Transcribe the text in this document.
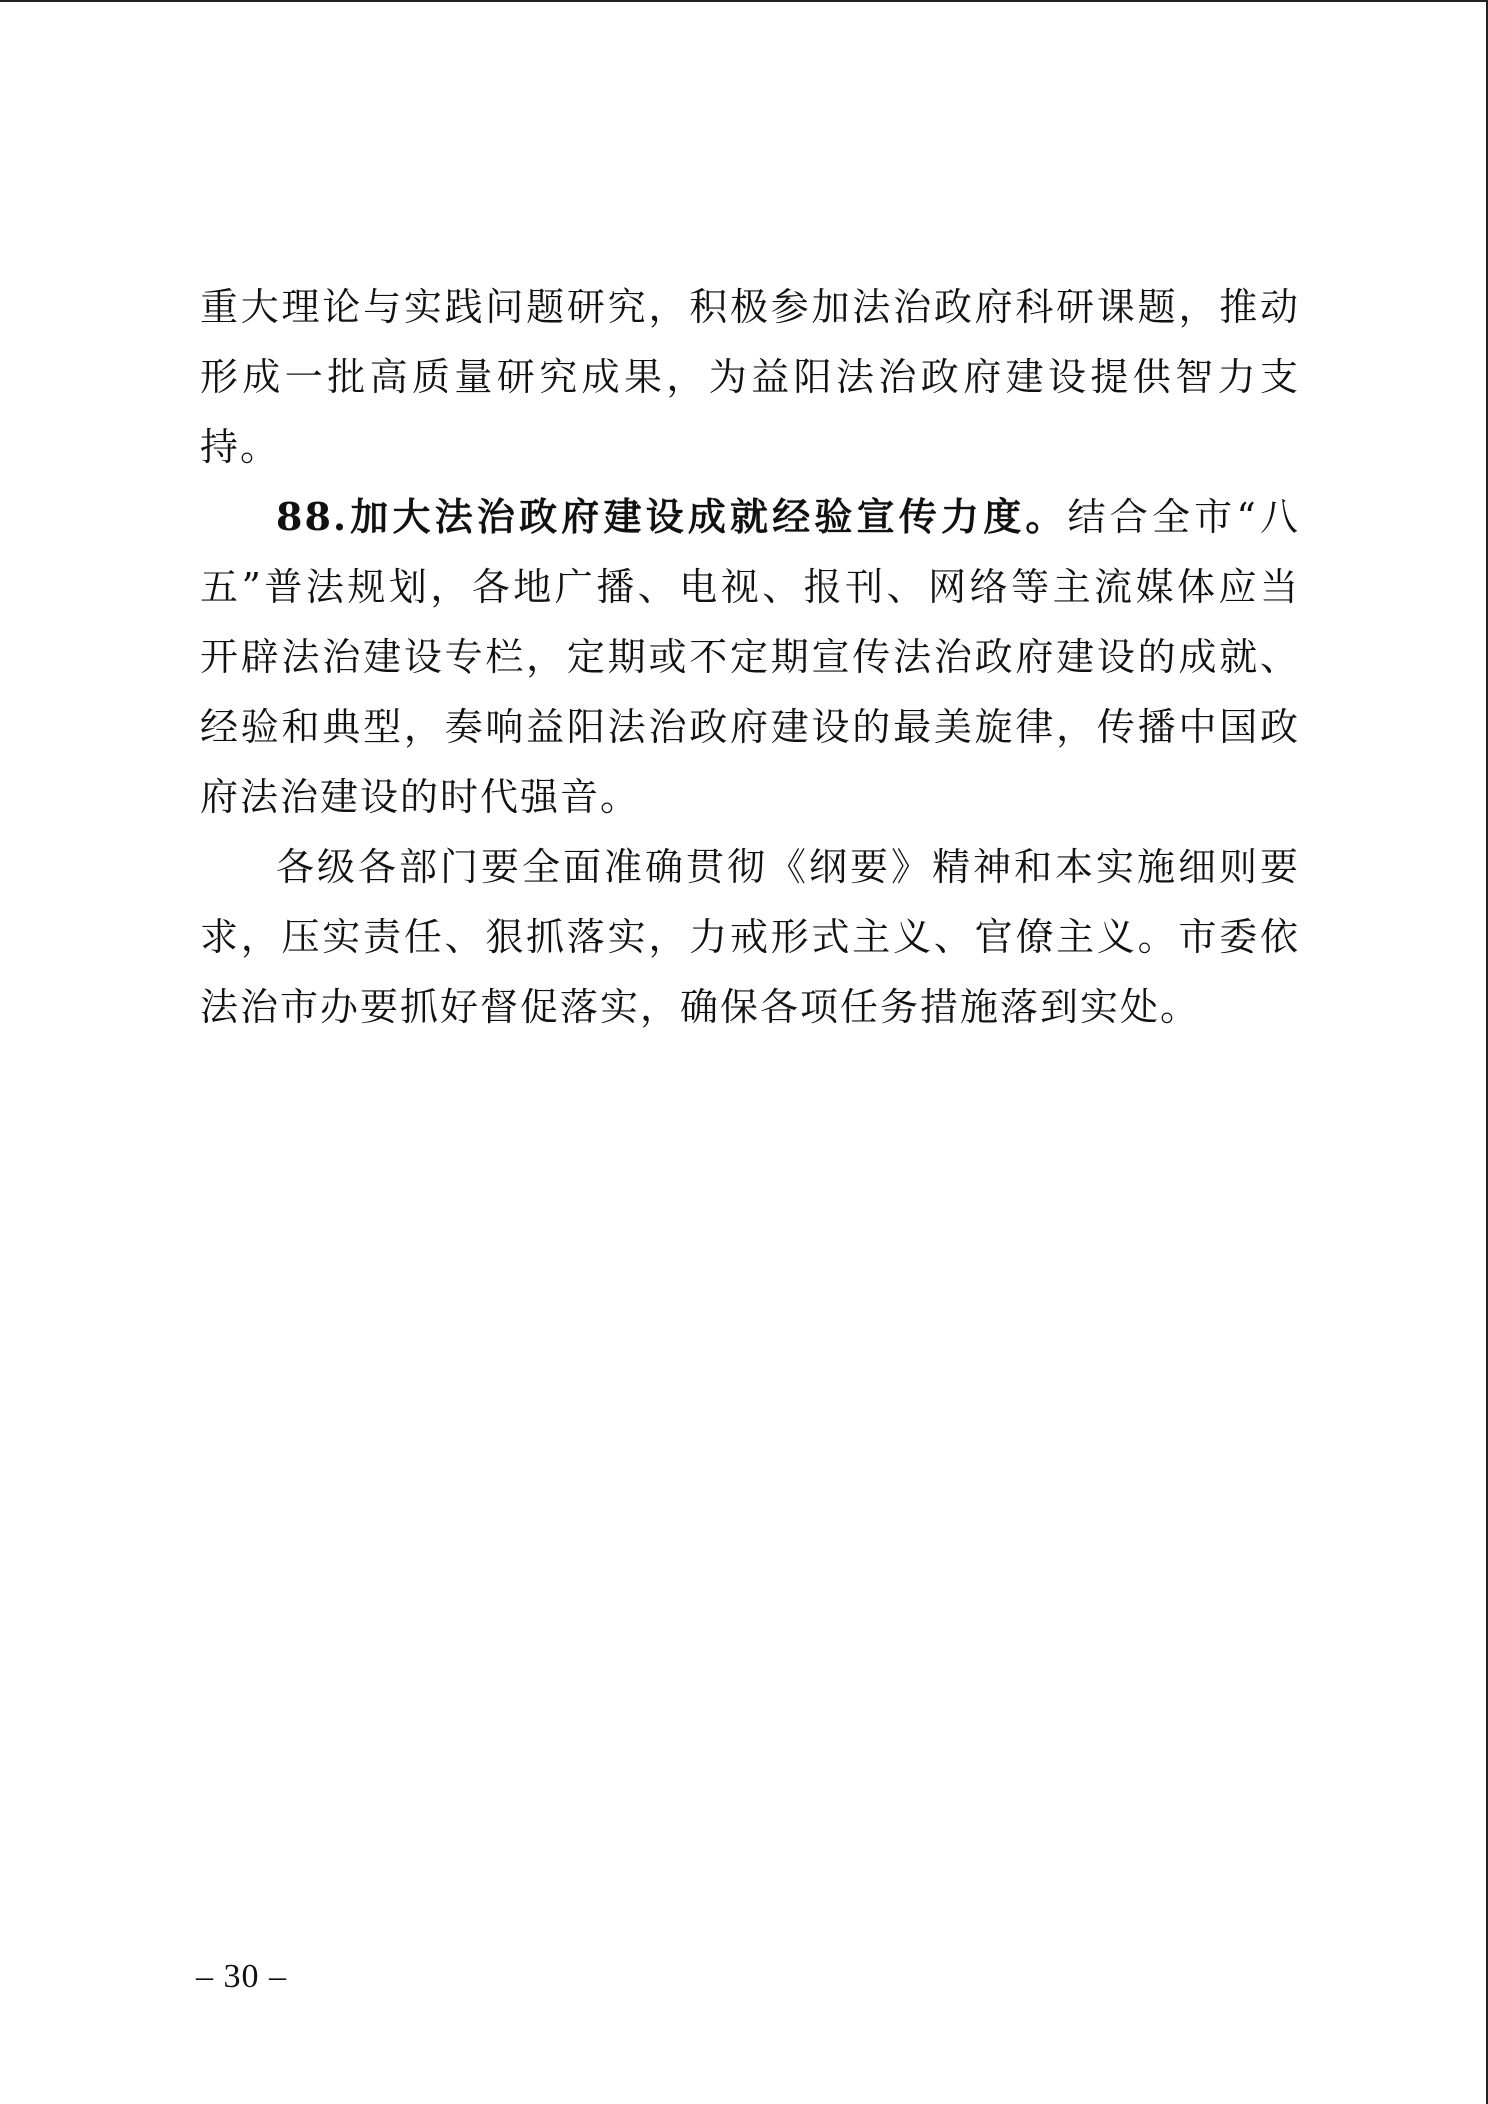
重大理论与实践问题研究，积极参加法治政府科研课题，推动形成一批高质量研究成果，为益阳法治政府建设提供智力支持。

88.加大法治政府建设成就经验宣传力度。结合全市“八五”普法规划，各地广播、电视、报刊、网络等主流媒体应当开辟法治建设专栏，定期或不定期宣传法治政府建设的成就、经验和典型，奏响益阳法治政府建设的最美旋律，传播中国政府法治建设的时代强音。

各级各部门要全面准确贯彻《纲要》精神和本实施细则要求，压实责任、狠抓落实，力戒形式主义、官僚主义。市委依法治市办要抓好督促落实，确保各项任务措施落到实处。

– 30 –
